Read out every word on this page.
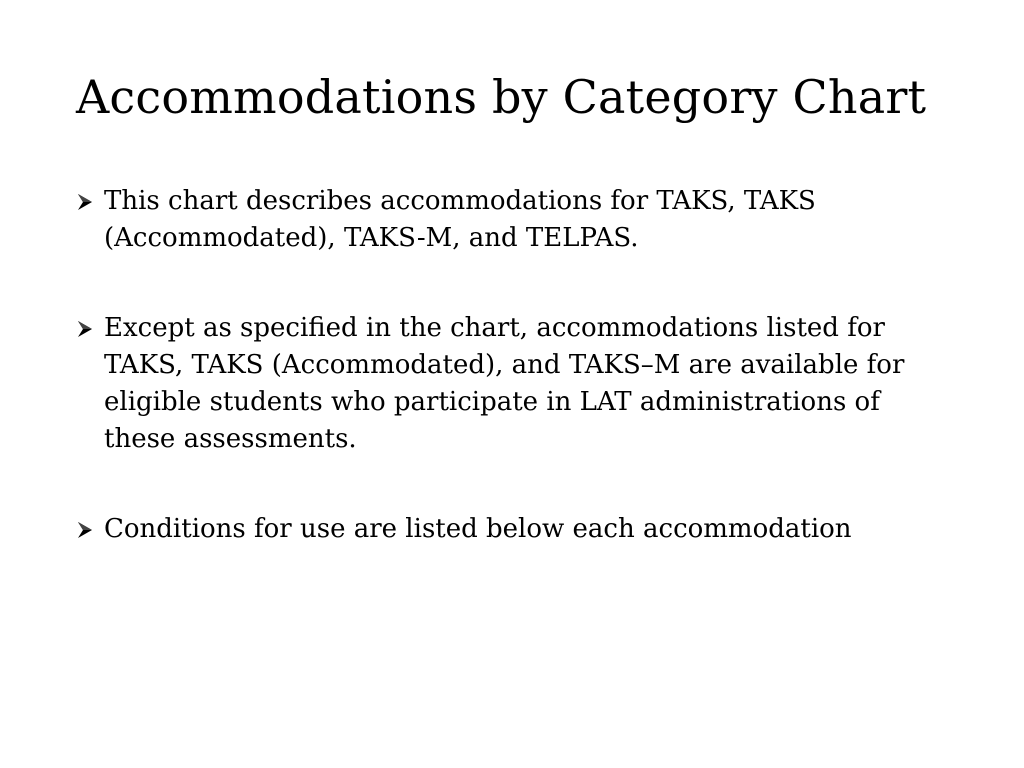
Accommodations by Category Chart
This chart describes accommodations for TAKS, TAKS (Accommodated), TAKS-M, and TELPAS.
Except as specified in the chart, accommodations listed for TAKS, TAKS (Accommodated), and TAKS–M are available for eligible students who participate in LAT administrations of these assessments.
Conditions for use are listed below each accommodation
